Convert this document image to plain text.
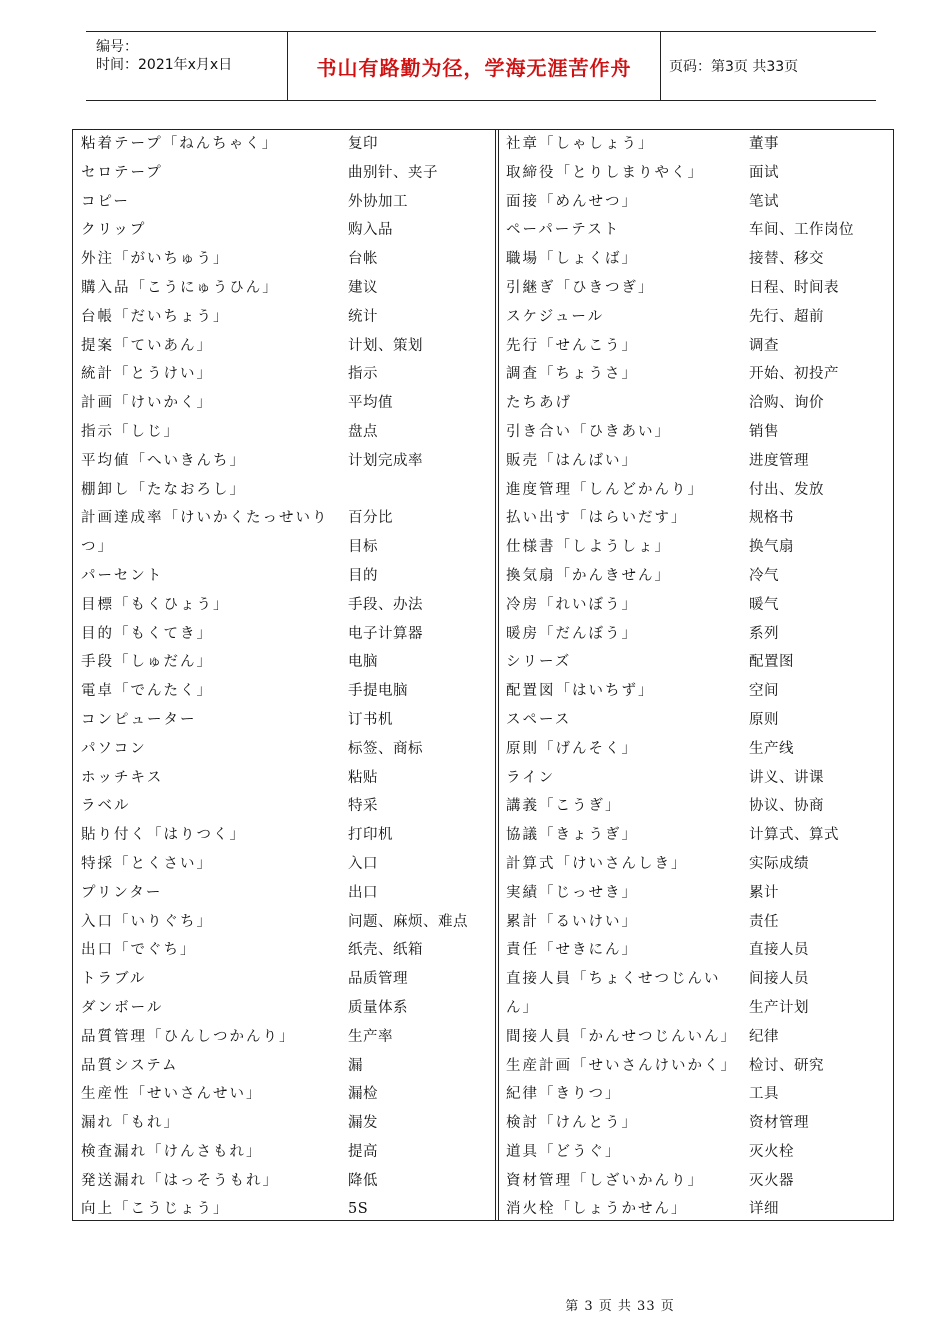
编号：
时间：2021年x月x日	书山有路勤为径，学海无涯苦作舟	页码：第3页 共33页
粘着テープ「ねんちゃく」
セロテープ
コピー
クリップ
外注「がいちゅう」
購入品「こうにゅうひん」
台帳「だいちょう」
提案「ていあん」
統計「とうけい」
計画「けいかく」
指示「しじ」
平均値「へいきんち」
棚卸し「たなおろし」
計画達成率「けいかくたっせいり
つ」
パーセント
目標「もくひょう」
目的「もくてき」
手段「しゅだん」
電卓「でんたく」
コンピューター
パソコン
ホッチキス
ラベル
貼り付く「はりつく」
特採「とくさい」
プリンター
入口「いりぐち」
出口「でぐち」
トラブル
ダンボール
品質管理「ひんしつかんり」
品質システム
生産性「せいさんせい」
漏れ「もれ」
検査漏れ「けんさもれ」
発送漏れ「はっそうもれ」
向上「こうじょう」
复印
曲别针、夹子
外协加工
购入品
台帐
建议
统计
计划、策划
指示
平均值
盘点
计划完成率
百分比
目标
目的
手段、办法
电子计算器
电脑
手提电脑
订书机
标签、商标
粘贴
特采
打印机
入口
出口
问题、麻烦、难点
纸壳、纸箱
品质管理
质量体系
生产率
漏
漏检
漏发
提高
降低
5S
社章「しゃしょう」
取締役「とりしまりやく」
面接「めんせつ」
ペーパーテスト
職場「しょくば」
引継ぎ「ひきつぎ」
スケジュール
先行「せんこう」
調査「ちょうさ」
たちあげ
引き合い「ひきあい」
販売「はんばい」
進度管理「しんどかんり」
払い出す「はらいだす」
仕様書「しようしょ」
換気扇「かんきせん」
冷房「れいぼう」
暖房「だんぼう」
シリーズ
配置図「はいちず」
スペース
原則「げんそく」
ライン
講義「こうぎ」
協議「きょうぎ」
計算式「けいさんしき」
実績「じっせき」
累計「るいけい」
責任「せきにん」
直接人員「ちょくせつじんい
ん」
間接人員「かんせつじんいん」
生産計画「せいさんけいかく」
紀律「きりつ」
検討「けんとう」
道具「どうぐ」
資材管理「しざいかんり」
消火栓「しょうかせん」
董事
面试
笔试
车间、工作岗位
接替、移交
日程、时间表
先行、超前
调查
开始、初投产
洽购、询价
销售
进度管理
付出、发放
规格书
换气扇
冷气
暖气
系列
配置图
空间
原则
生产线
讲义、讲课
协议、协商
计算式、算式
实际成绩
累计
责任
直接人员
间接人员
生产计划
纪律
检讨、研究
工具
资材管理
灭火栓
灭火器
详细
第 3 页 共 33 页
